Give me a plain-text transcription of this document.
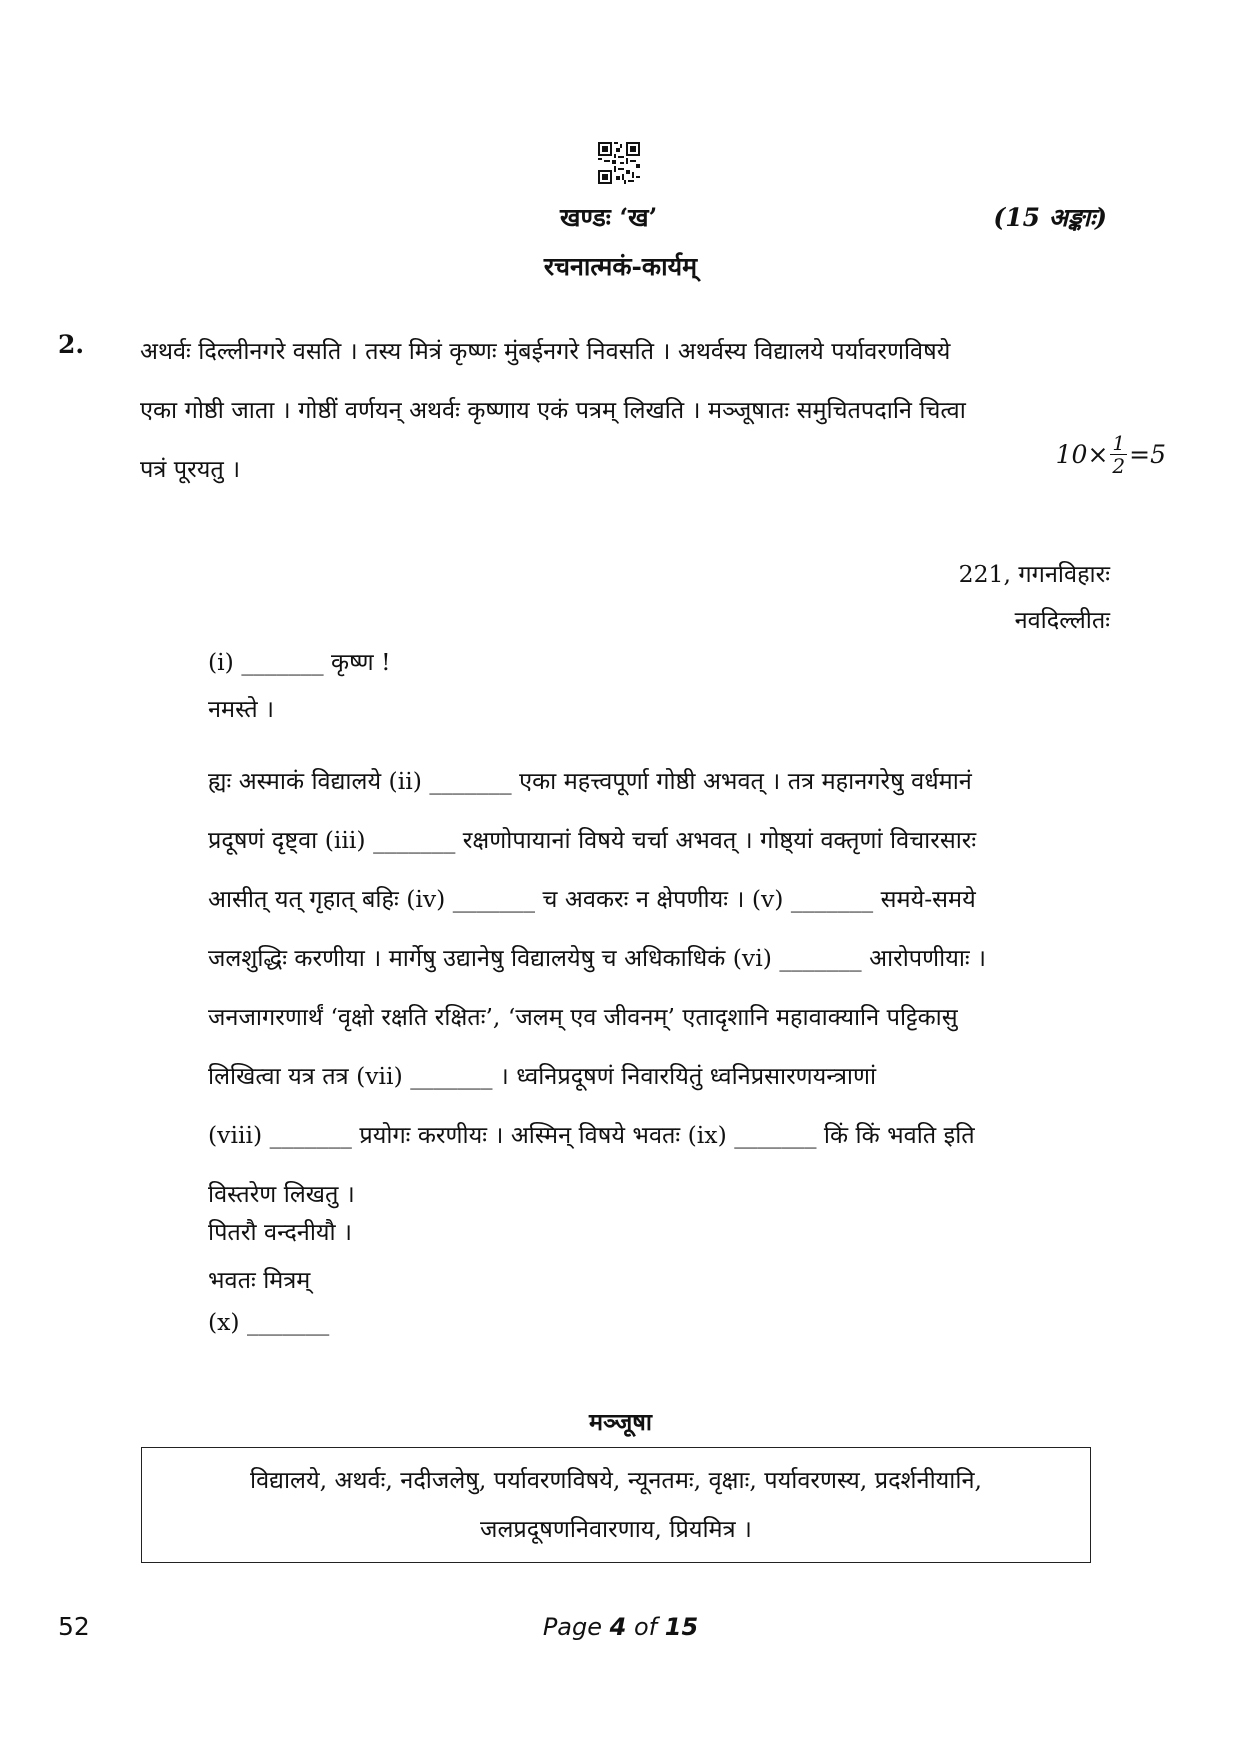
खण्डः ‘ख’	(15 अङ्काः)
रचनात्मकं-कार्यम्
2. अथर्वः दिल्लीनगरे वसति । तस्य मित्रं कृष्णः मुंबईनगरे निवसति । अथर्वस्य विद्यालये पर्यावरणविषये

एका गोष्ठी जाता । गोष्ठीं वर्णयन् अथर्वः कृष्णाय एकं पत्रम् लिखति । मञ्जूषातः समुचितपदानि चित्वा

पत्रं पूरयतु ।	$10\times \frac{1}{2} =5$
221, गगनविहारः
नवदिल्लीतः
(i) _______ कृष्ण !
नमस्ते ।

ह्यः अस्माकं विद्यालये (ii) _______ एका महत्त्वपूर्णा गोष्ठी अभवत् । तत्र महानगरेषु वर्धमानं

प्रदूषणं दृष्ट्वा (iii) _______ रक्षणोपायानां विषये चर्चा अभवत् । गोष्ठ्यां वक्तृणां विचारसारः

आसीत् यत् गृहात् बहिः (iv) _______ च अवकरः न क्षेपणीयः । (v) _______ समये-समये

जलशुद्धिः करणीया । मार्गेषु उद्यानेषु विद्यालयेषु च अधिकाधिकं (vi) _______ आरोपणीयाः ।

जनजागरणार्थं ‘वृक्षो रक्षति रक्षितः’, ‘जलम् एव जीवनम्’ एतादृशानि महावाक्यानि पट्टिकासु

लिखित्वा यत्र तत्र (vii) _______ । ध्वनिप्रदूषणं निवारयितुं ध्वनिप्रसारणयन्त्राणां

(viii) _______ प्रयोगः करणीयः । अस्मिन् विषये भवतः (ix) _______ किं किं भवति इति

विस्तरेण लिखतु ।

पितरौ वन्दनीयौ ।
भवतः मित्रम्
(x) _______
मञ्जूषा
विद्यालये, अथर्वः, नदीजलेषु, पर्यावरणविषये, न्यूनतमः, वृक्षाः, पर्यावरणस्य, प्रदर्शनीयानि,
जलप्रदूषणनिवारणाय, प्रियमित्र ।
52	Page 4 of 15
